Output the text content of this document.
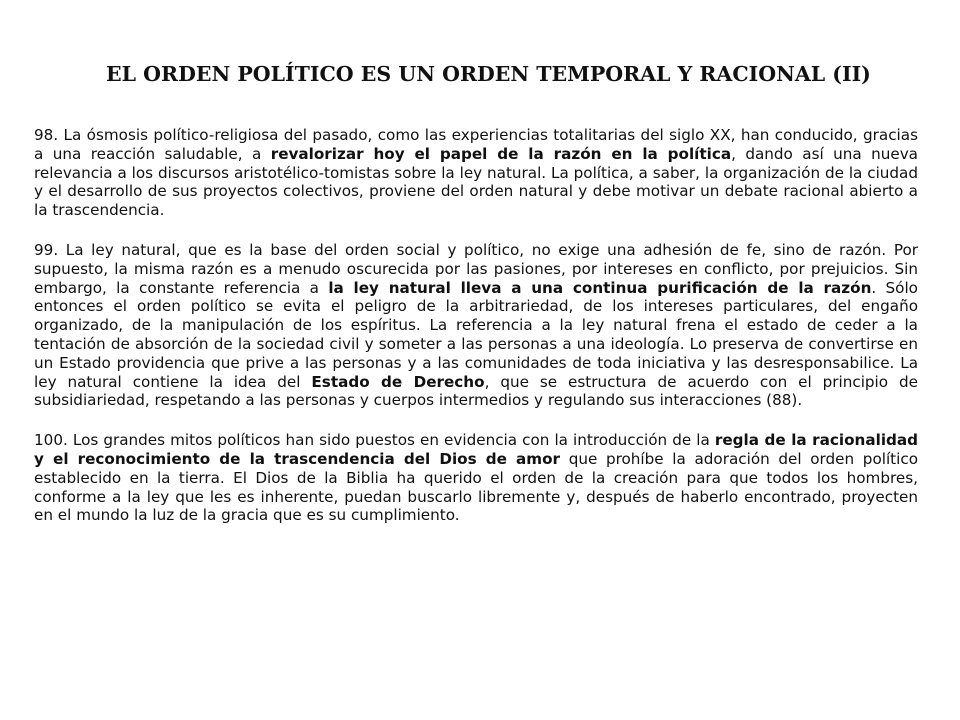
EL ORDEN POLÍTICO ES UN ORDEN TEMPORAL Y RACIONAL (II)

98. La ósmosis político-religiosa del pasado, como las experiencias totalitarias del siglo XX, han conducido, gracias a una reacción saludable, a revalorizar hoy el papel de la razón en la política, dando así una nueva relevancia a los discursos aristotélico-tomistas sobre la ley natural. La política, a saber, la organización de la ciudad y el desarrollo de sus proyectos colectivos, proviene del orden natural y debe motivar un debate racional abierto a la trascendencia.

99. La ley natural, que es la base del orden social y político, no exige una adhesión de fe, sino de razón. Por supuesto, la misma razón es a menudo oscurecida por las pasiones, por intereses en conflicto, por prejuicios. Sin embargo, la constante referencia a la ley natural lleva a una continua purificación de la razón. Sólo entonces el orden político se evita el peligro de la arbitrariedad, de los intereses particulares, del engaño organizado, de la manipulación de los espíritus. La referencia a la ley natural frena el estado de ceder a la tentación de absorción de la sociedad civil y someter a las personas a una ideología. Lo preserva de convertirse en un Estado providencia que prive a las personas y a las comunidades de toda iniciativa y las desresponsabilice. La ley natural contiene la idea del Estado de Derecho, que se estructura de acuerdo con el principio de subsidiariedad, respetando a las personas y cuerpos intermedios y regulando sus interacciones (88).

100. Los grandes mitos políticos han sido puestos en evidencia con la introducción de la regla de la racionalidad y el reconocimiento de la trascendencia del Dios de amor que prohíbe la adoración del orden político establecido en la tierra. El Dios de la Biblia ha querido el orden de la creación para que todos los hombres, conforme a la ley que les es inherente, puedan buscarlo libremente y, después de haberlo encontrado, proyecten en el mundo la luz de la gracia que es su cumplimiento.
